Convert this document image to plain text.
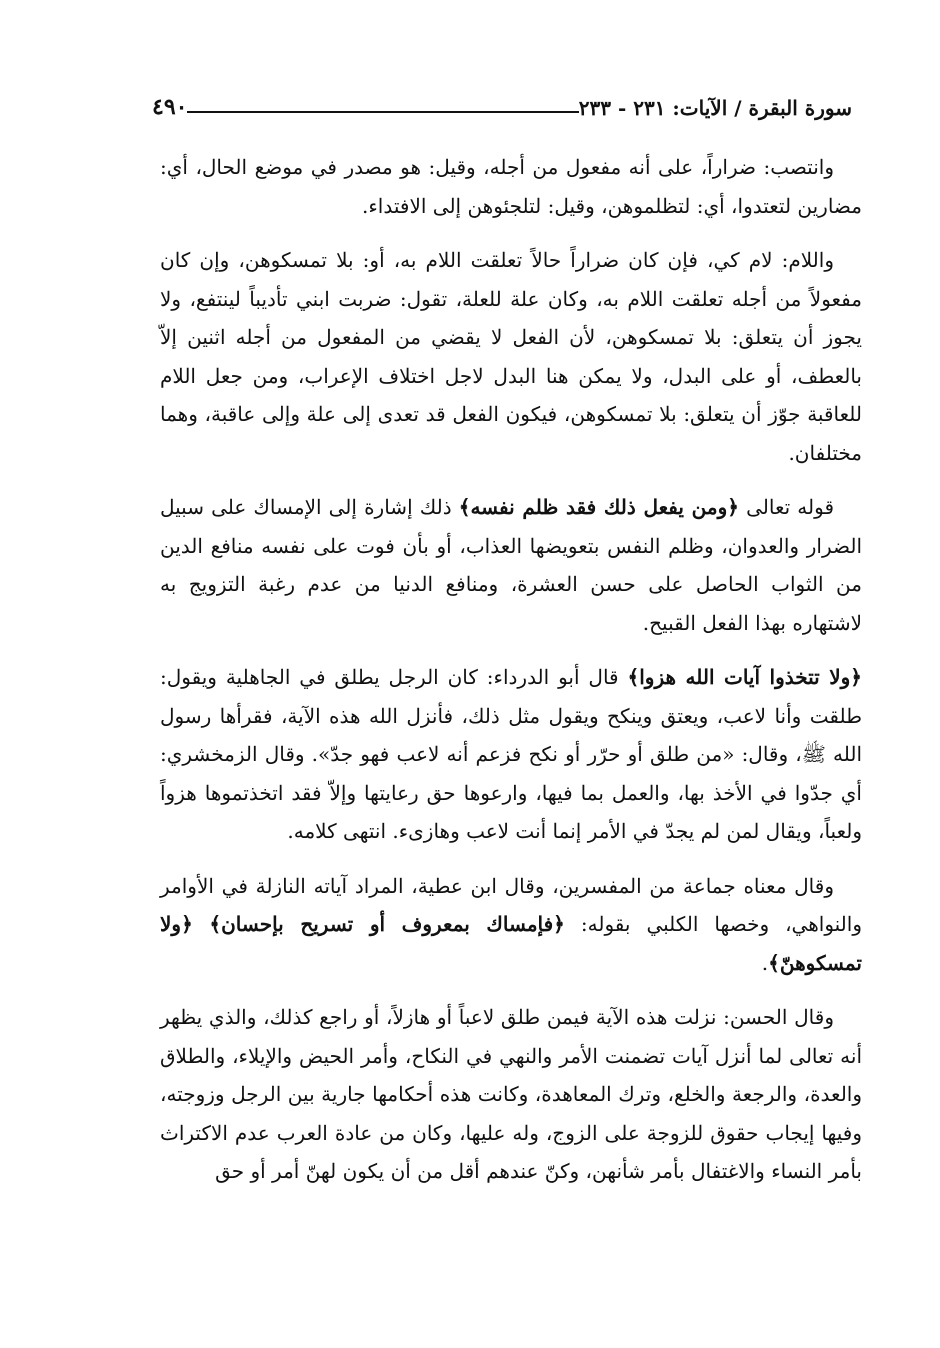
سورة البقرة / الآيات: ٢٣١ - ٢٣٣
٤٩٠

وانتصب: ضراراً، على أنه مفعول من أجله، وقيل: هو مصدر في موضع الحال، أي: مضارين لتعتدوا، أي: لتظلموهن، وقيل: لتلجئوهن إلى الافتداء.

واللام: لام كي، فإن كان ضراراً حالاً تعلقت اللام به، أو: بلا تمسكوهن، وإن كان مفعولاً من أجله تعلقت اللام به، وكان علة للعلة، تقول: ضربت ابني تأديباً لينتفع، ولا يجوز أن يتعلق: بلا تمسكوهن، لأن الفعل لا يقضي من المفعول من أجله اثنين إلاّ بالعطف، أو على البدل، ولا يمكن هنا البدل لاجل اختلاف الإعراب، ومن جعل اللام للعاقبة جوّز أن يتعلق: بلا تمسكوهن، فيكون الفعل قد تعدى إلى علة وإلى عاقبة، وهما مختلفان.

قوله تعالى ﴿ومن يفعل ذلك فقد ظلم نفسه﴾ ذلك إشارة إلى الإمساك على سبيل الضرار والعدوان، وظلم النفس بتعويضها العذاب، أو بأن فوت على نفسه منافع الدين من الثواب الحاصل على حسن العشرة، ومنافع الدنيا من عدم رغبة التزويج به لاشتهاره بهذا الفعل القبيح.

﴿ولا تتخذوا آيات الله هزوا﴾ قال أبو الدرداء: كان الرجل يطلق في الجاهلية ويقول: طلقت وأنا لاعب، ويعتق وينكح ويقول مثل ذلك، فأنزل الله هذه الآية، فقرأها رسول الله ﷺ، وقال: «من طلق أو حرّر أو نكح فزعم أنه لاعب فهو جدّ». وقال الزمخشري: أي جدّوا في الأخذ بها، والعمل بما فيها، وارعوها حق رعايتها وإلاّ فقد اتخذتموها هزواً ولعباً، ويقال لمن لم يجدّ في الأمر إنما أنت لاعب وهازىء. انتهى كلامه.

وقال معناه جماعة من المفسرين، وقال ابن عطية، المراد آياته النازلة في الأوامر والنواهي، وخصها الكلبي بقوله: ﴿فإمساك بمعروف أو تسريح بإحسان﴾ ﴿ولا تمسكوهنّ﴾.

وقال الحسن: نزلت هذه الآية فيمن طلق لاعباً أو هازلاً، أو راجع كذلك، والذي يظهر أنه تعالى لما أنزل آيات تضمنت الأمر والنهي في النكاح، وأمر الحيض والإيلاء، والطلاق والعدة، والرجعة والخلع، وترك المعاهدة، وكانت هذه أحكامها جارية بين الرجل وزوجته، وفيها إيجاب حقوق للزوجة على الزوج، وله عليها، وكان من عادة العرب عدم الاكتراث بأمر النساء والاغتفال بأمر شأنهن، وكنّ عندهم أقل من أن يكون لهنّ أمر أو حق
